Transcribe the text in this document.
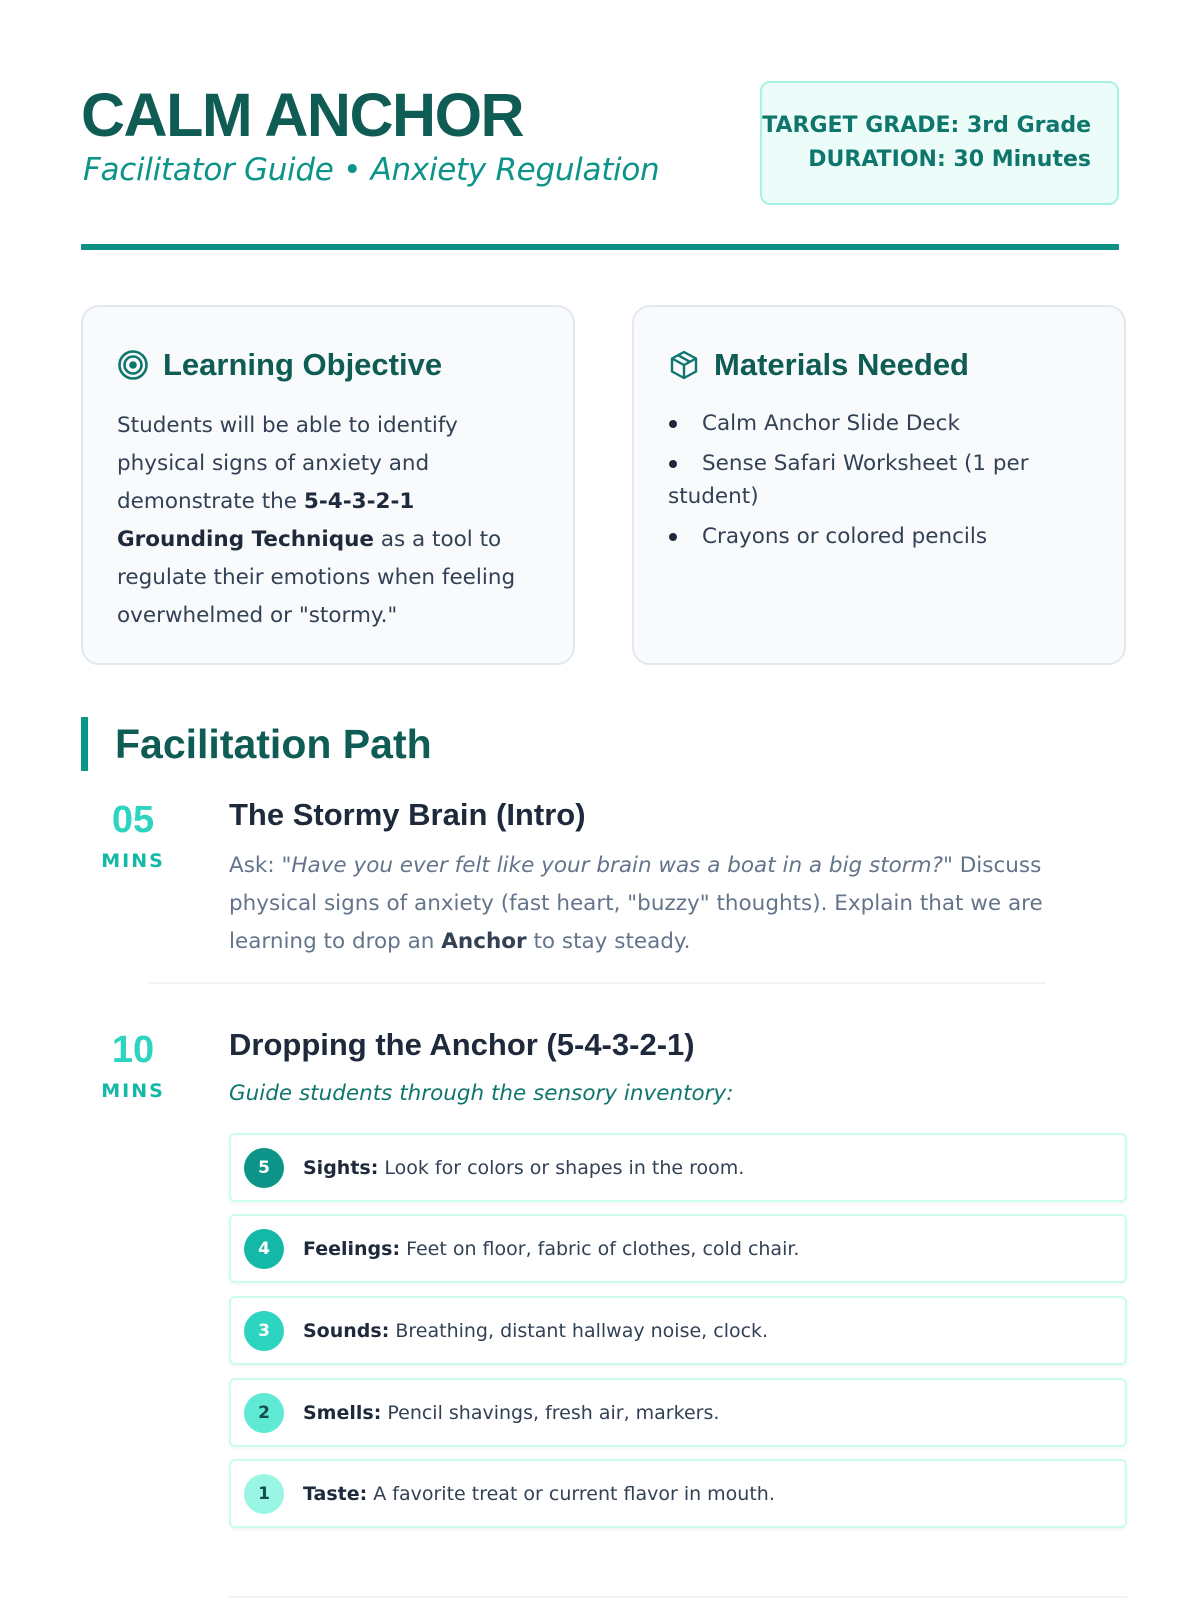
CALM ANCHOR
Facilitator Guide • Anxiety Regulation
TARGET GRADE: 3rd Grade
DURATION: 30 Minutes
Learning Objective

Students will be able to identify physical signs of anxiety and demonstrate the 5-4-3-2-1 Grounding Technique as a tool to regulate their emotions when feeling overwhelmed or "stormy."

Materials Needed
Calm Anchor Slide Deck
Sense Safari Worksheet (1 per student)
Crayons or colored pencils
Facilitation Path
05
MINS
The Stormy Brain (Intro)

Ask: "Have you ever felt like your brain was a boat in a big storm?" Discuss physical signs of anxiety (fast heart, "buzzy" thoughts). Explain that we are learning to drop an Anchor to stay steady.

10
MINS
Dropping the Anchor (5-4-3-2-1)

Guide students through the sensory inventory:

5	Sights: Look for colors or shapes in the room.
4	Feelings: Feet on floor, fabric of clothes, cold chair.
3	Sounds: Breathing, distant hallway noise, clock.
2	Smells: Pencil shavings, fresh air, markers.
1	Taste: A favorite treat or current flavor in mouth.
